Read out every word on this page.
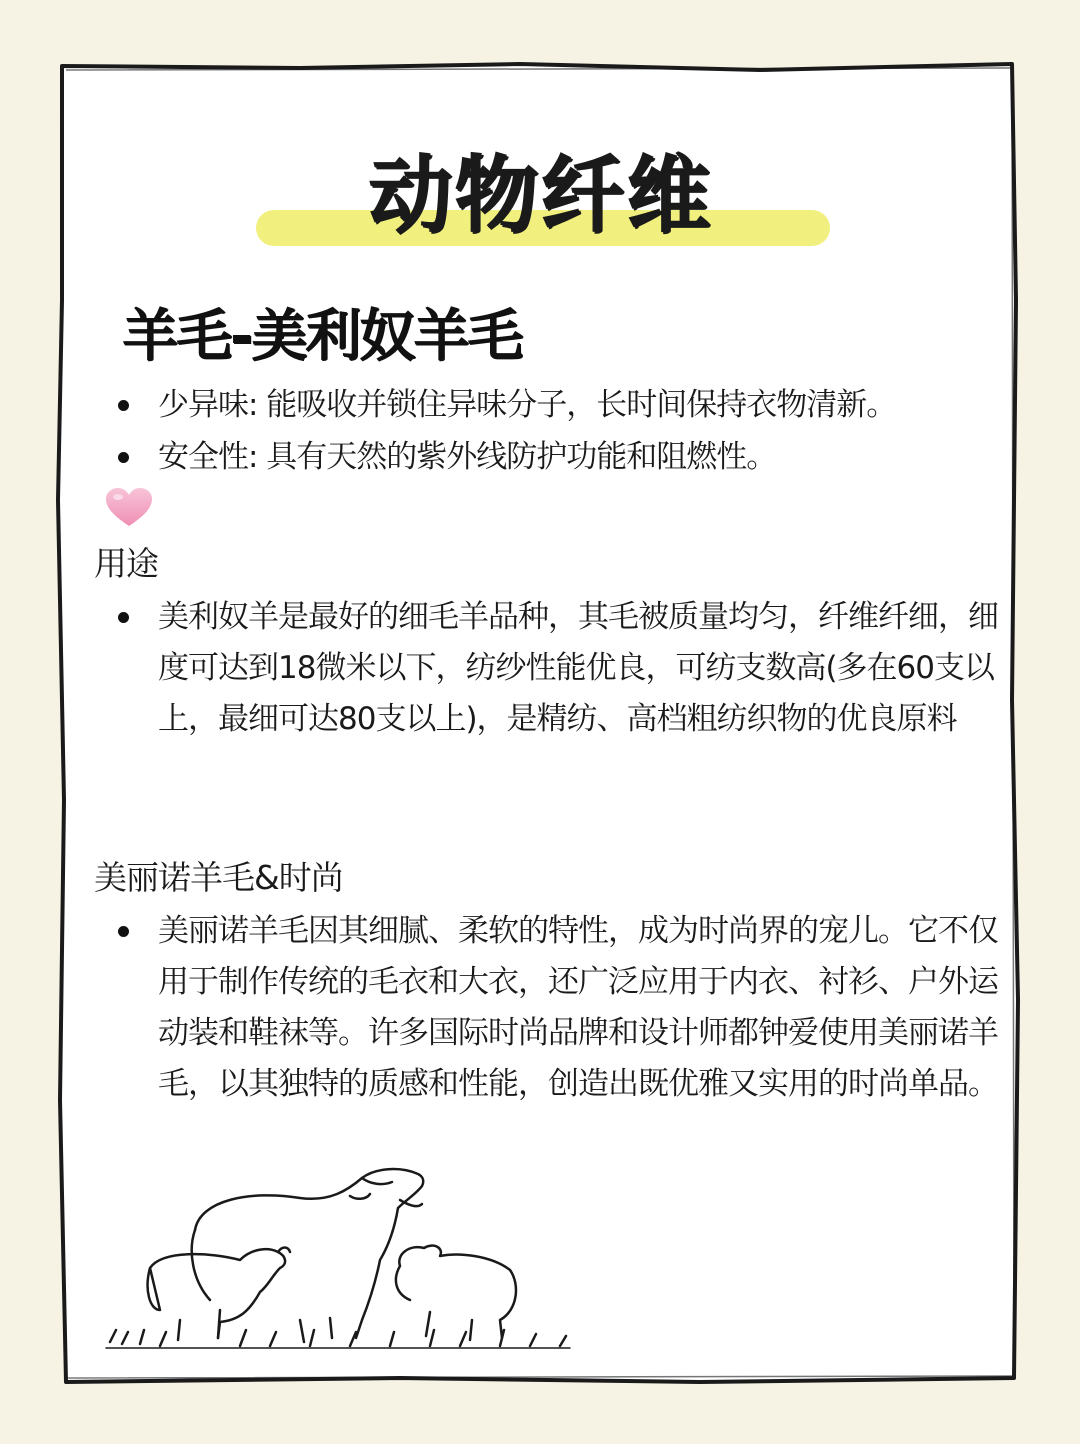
动物纤维
羊毛-美利奴羊毛
少异味: 能吸收并锁住异味分子，长时间保持衣物清新。
安全性: 具有天然的紫外线防护功能和阻燃性。
用途
美利奴羊是最好的细毛羊品种，其毛被质量均匀，纤维纤细，细度可达到18微米以下，纺纱性能优良，可纺支数高(多在60支以上，最细可达80支以上)，是精纺、高档粗纺织物的优良原料
美丽诺羊毛&时尚
美丽诺羊毛因其细腻、柔软的特性，成为时尚界的宠儿。它不仅用于制作传统的毛衣和大衣，还广泛应用于内衣、衬衫、户外运动装和鞋袜等。许多国际时尚品牌和设计师都钟爱使用美丽诺羊毛，以其独特的质感和性能，创造出既优雅又实用的时尚单品。
